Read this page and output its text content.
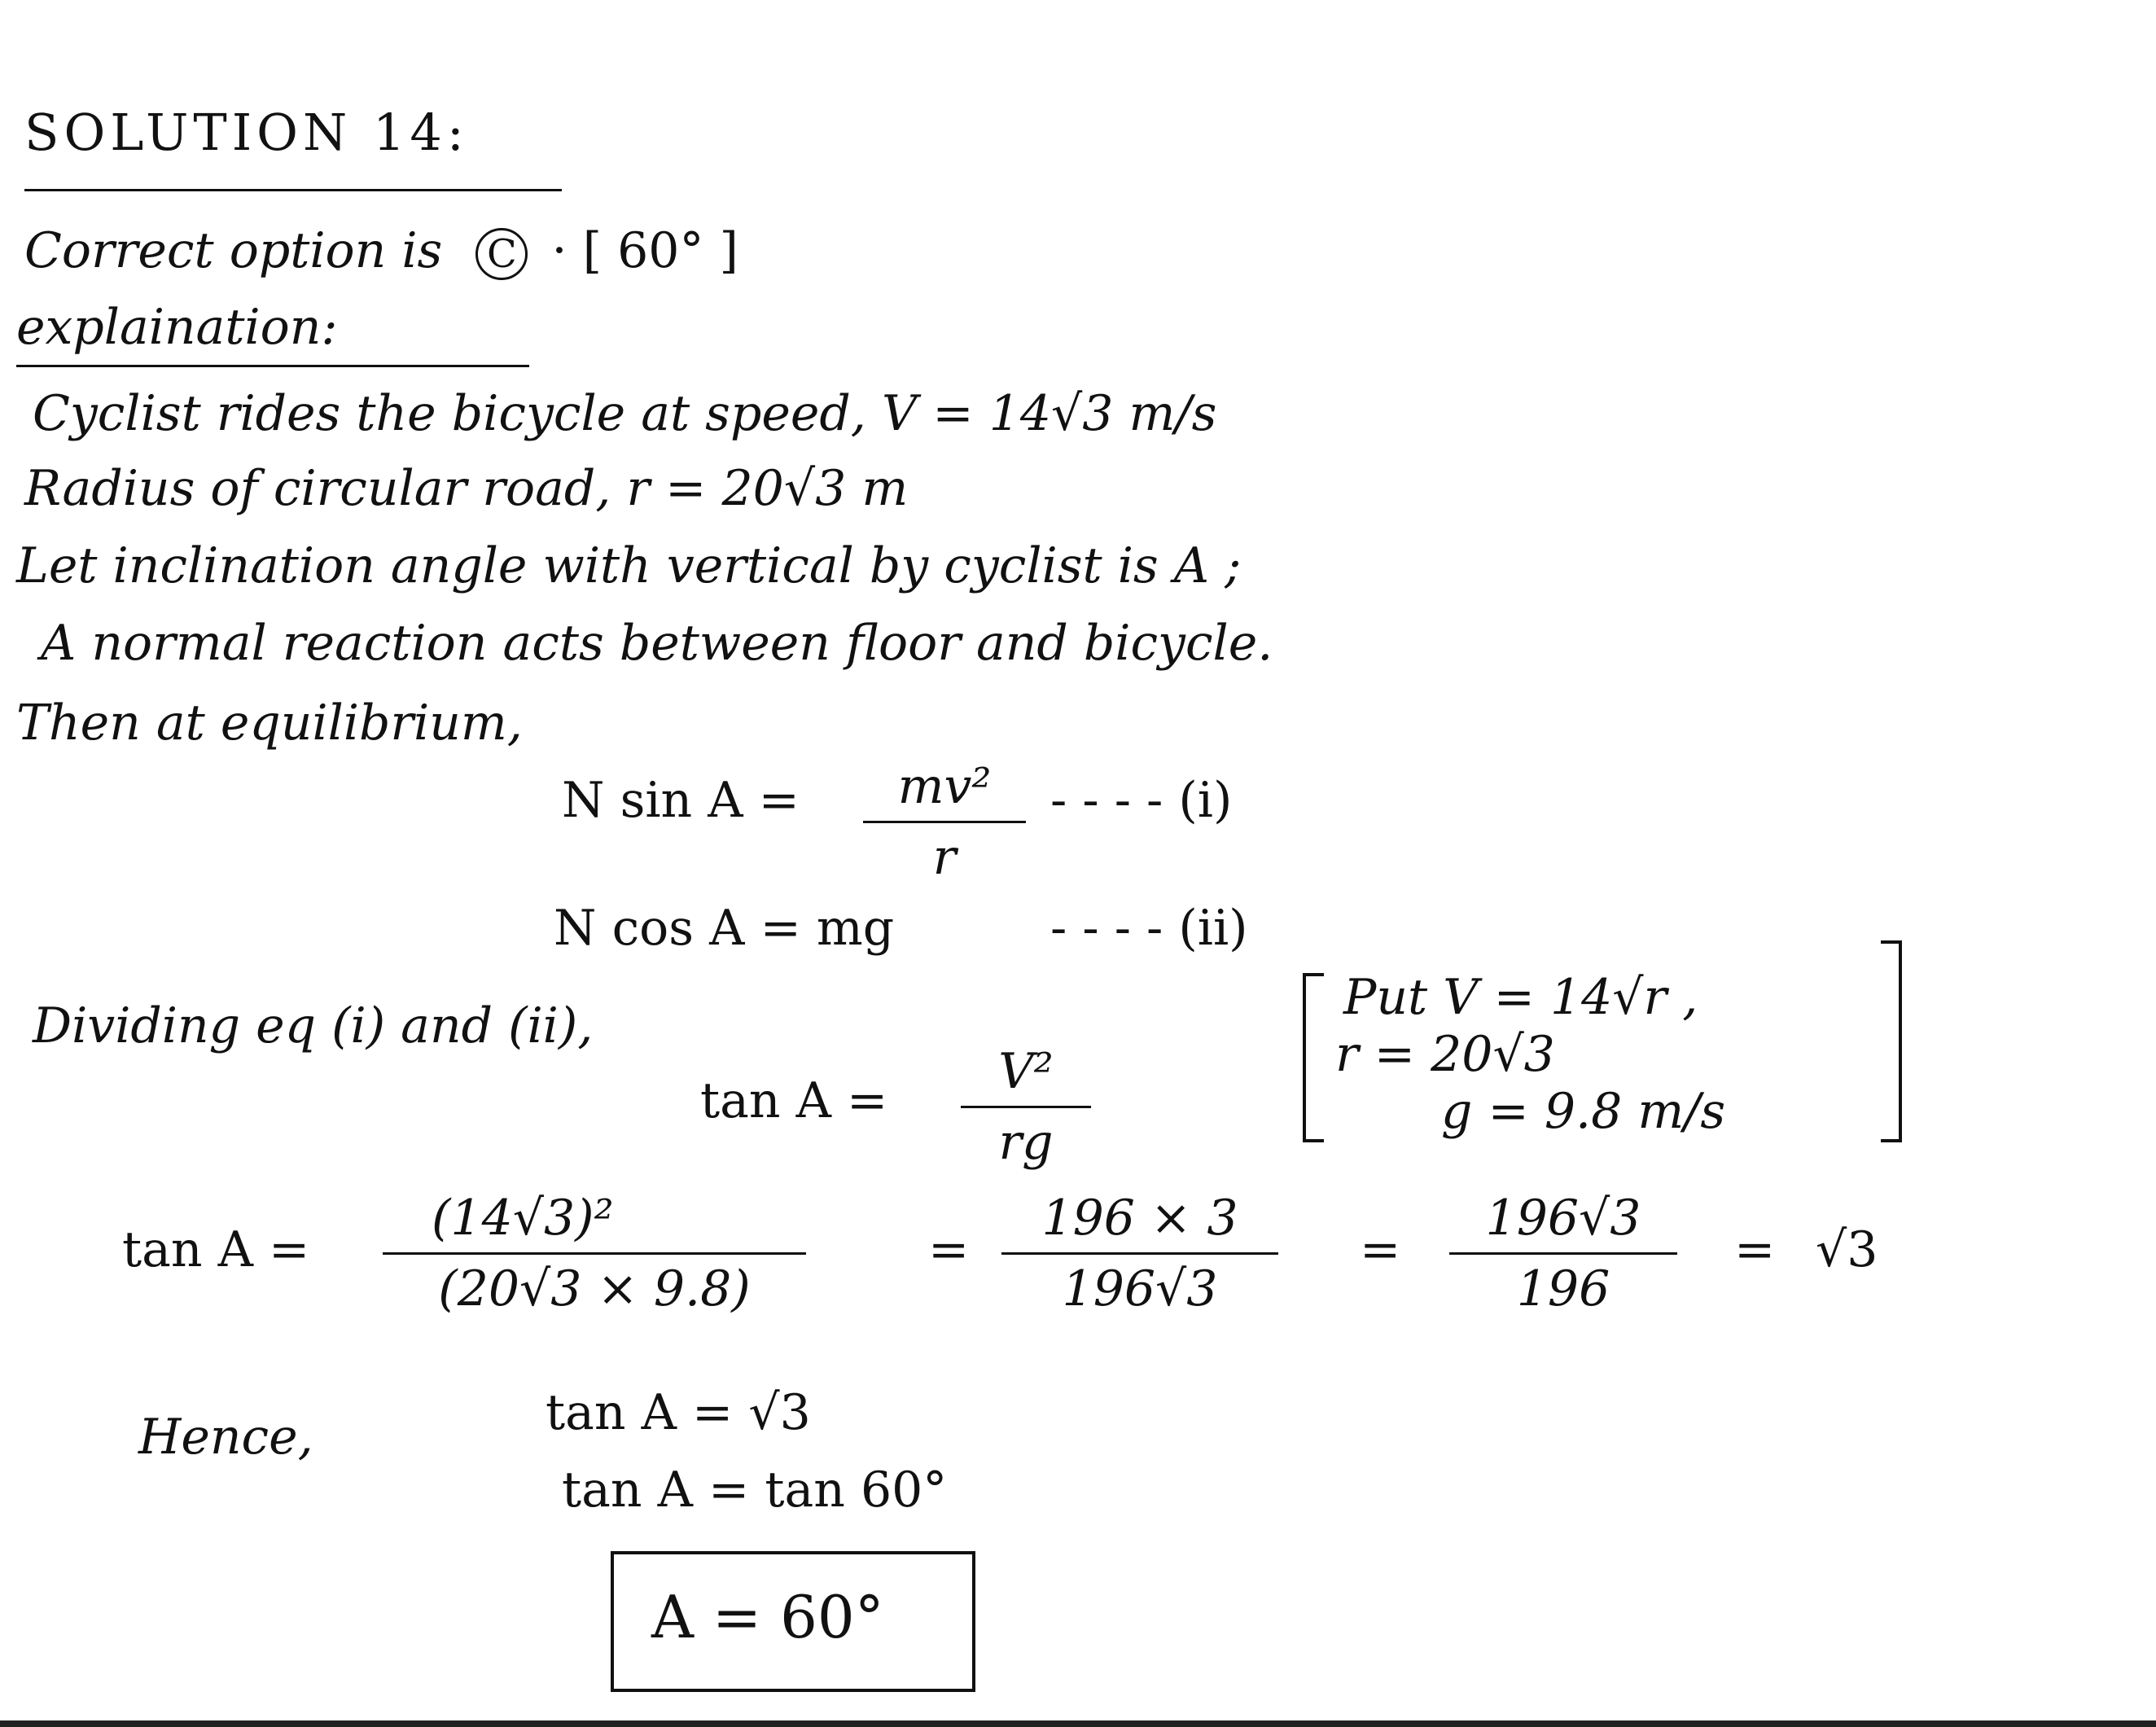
SOLUTION 14:
Correct option is C · [ 60° ]
explaination:
Cyclist rides the bicycle at speed, V = 14√3 m/s
Radius of circular road, r = 20√3 m
Let inclination angle with vertical by cyclist is A ;
A normal reaction acts between floor and bicycle.
Then at equilibrium,
N sin A =	mv²
r
- - - - (i)
N cos A = mg	- - - - (ii)
Dividing eq (i) and (ii),
tan A =
V²
rg
Put V = 14√r ,
r = 20√3
g = 9.8 m/s
tan A =
(14√3)²
(20√3 × 9.8)
=
196 × 3
196√3
=
196√3
196
= √3
Hence,	tan A = √3
tan A = tan 60°
A = 60°
